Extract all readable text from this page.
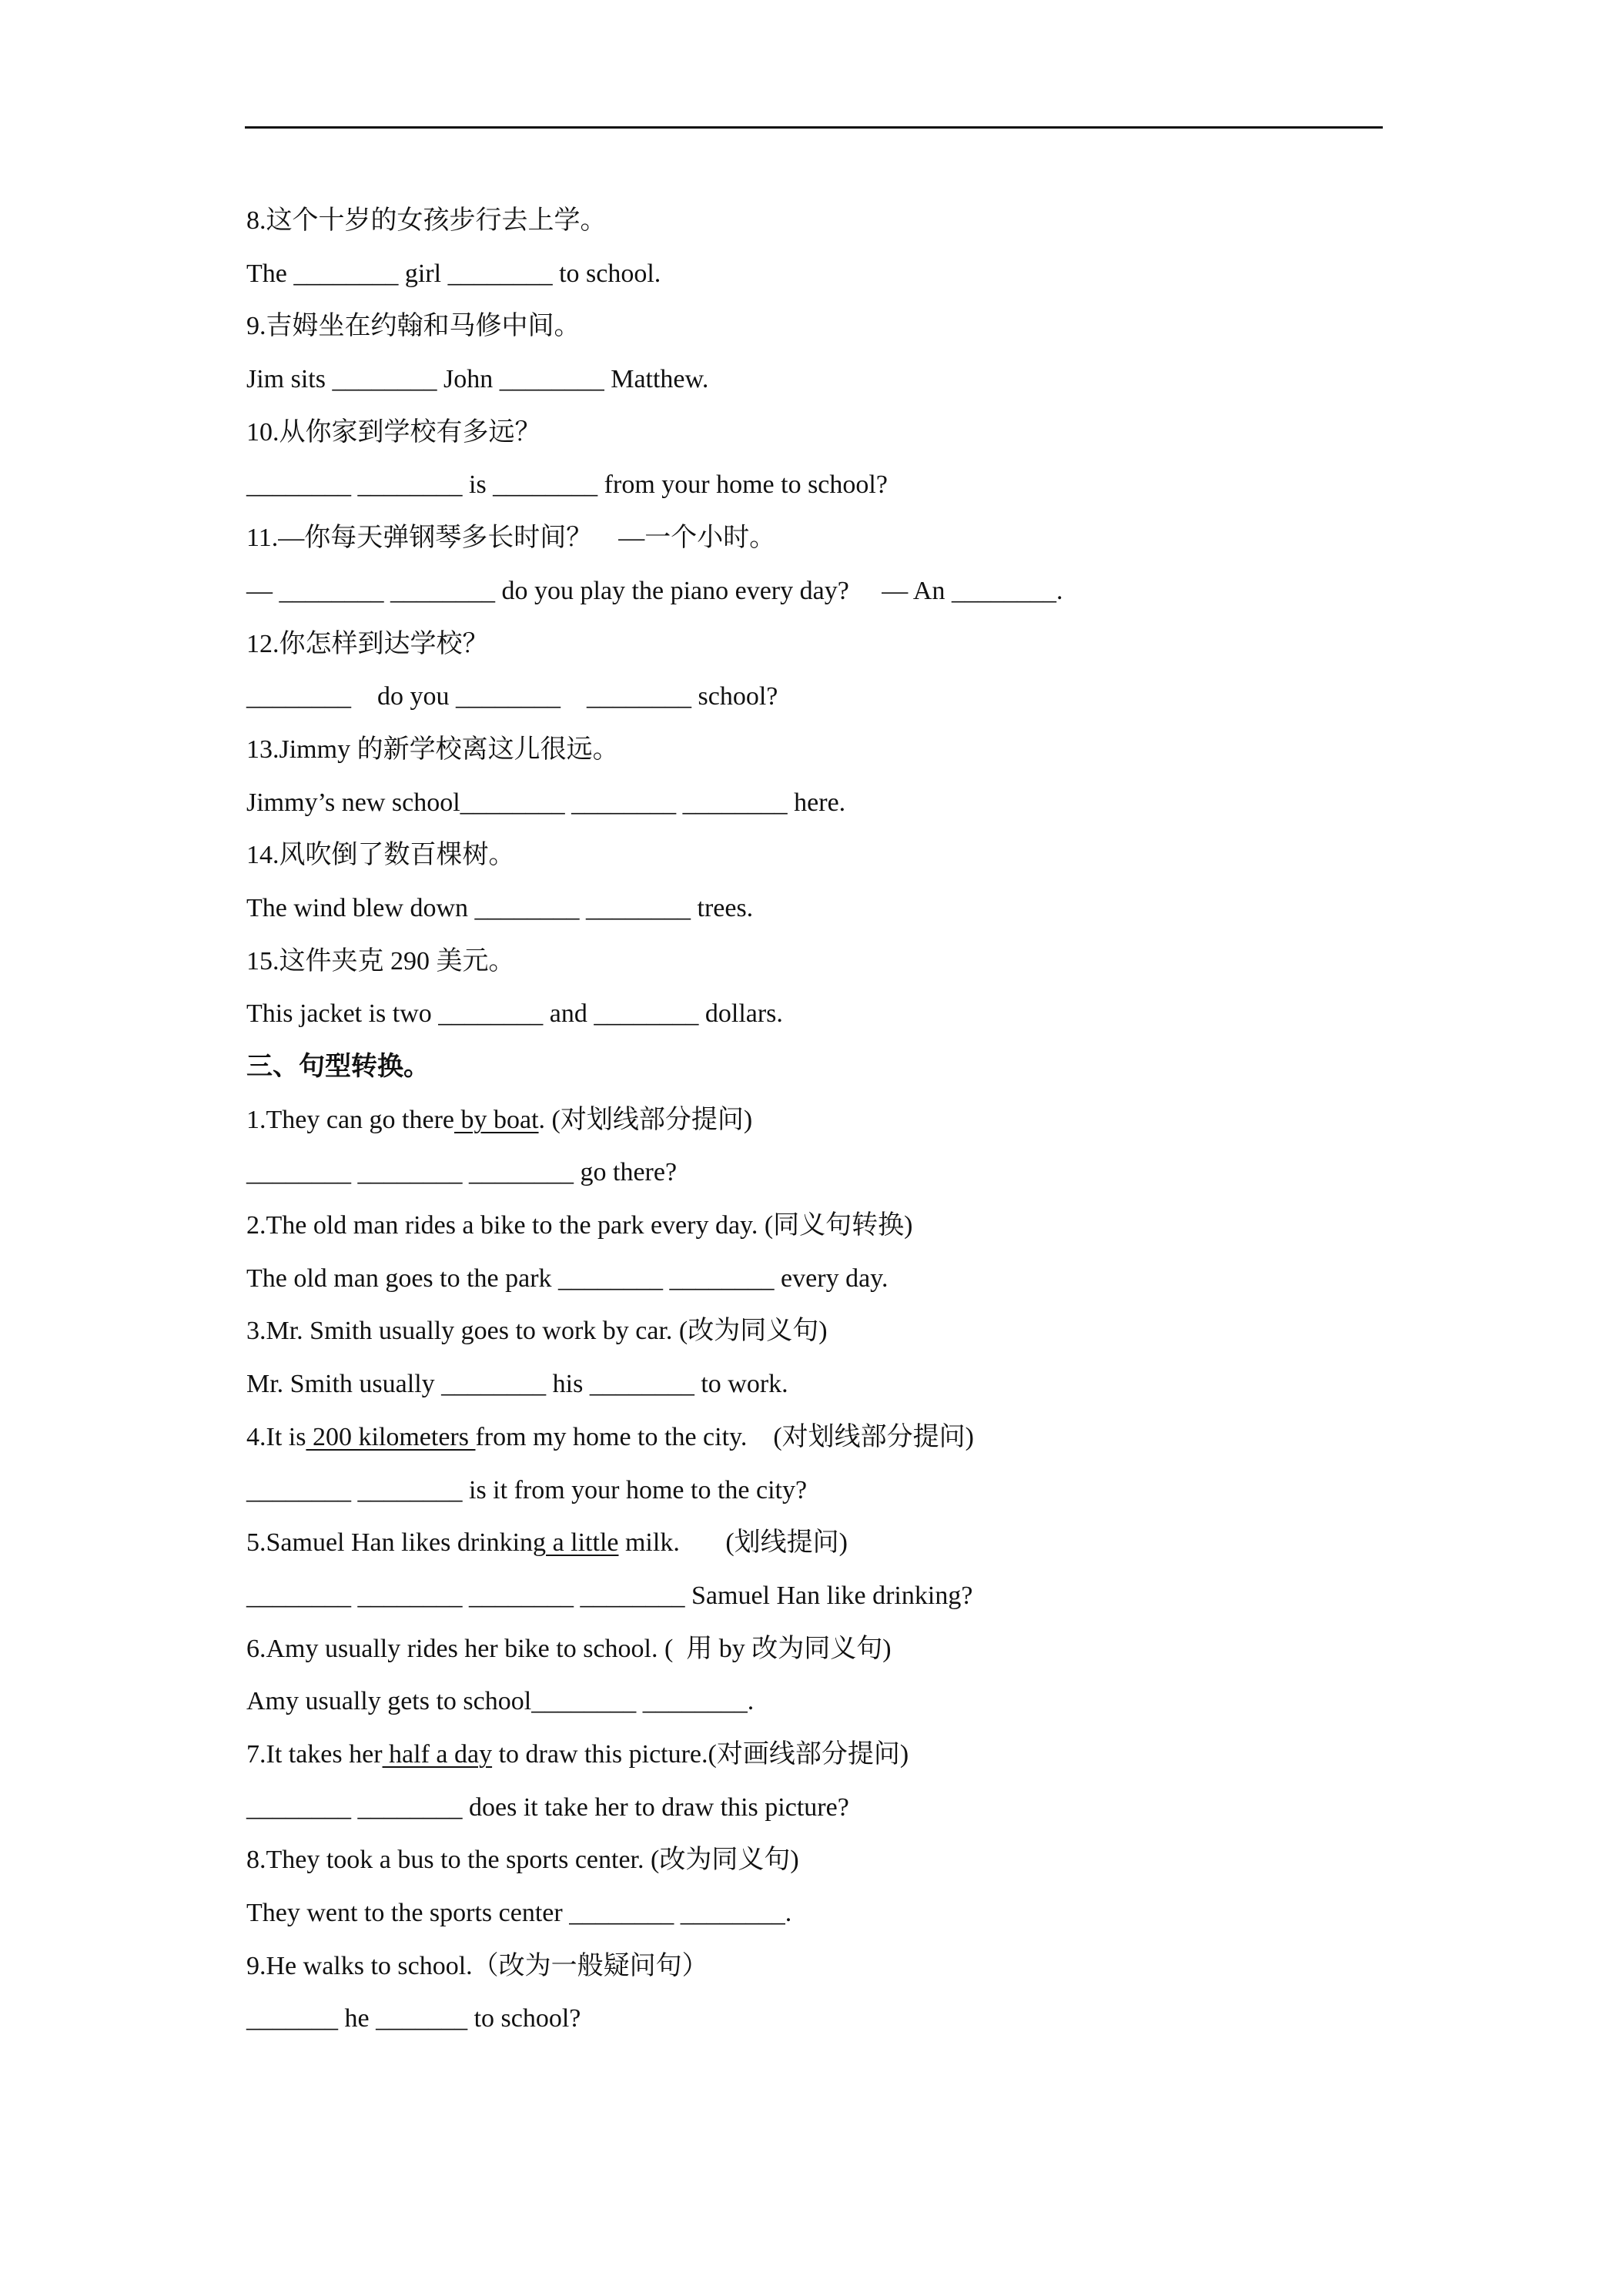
8.这个十岁的女孩步行去上学。
The ________ girl ________ to school.
9.吉姆坐在约翰和马修中间。
Jim sits ________ John ________ Matthew.
10.从你家到学校有多远？
________ ________ is ________ from your home to school?
11.—你每天弹钢琴多长时间？    —一个小时。
— ________ ________ do you play the piano every day?     — An ________.
12.你怎样到达学校？
________    do you ________    ________ school?
13.Jimmy 的新学校离这儿很远。
Jimmy’s new school________ ________ ________ here.
14.风吹倒了数百棵树。
The wind blew down ________ ________ trees.
15.这件夹克 290 美元。
This jacket is two ________ and ________ dollars.
三、句型转换。
1.They can go there by boat. (对划线部分提问)
________ ________ ________ go there?
2.The old man rides a bike to the park every day. (同义句转换)
The old man goes to the park ________ ________ every day.
3.Mr. Smith usually goes to work by car. (改为同义句)
Mr. Smith usually ________ his ________ to work.
4.It is 200 kilometers from my home to the city.    (对划线部分提问)
________ ________ is it from your home to the city?
5.Samuel Han likes drinking a little milk.       (划线提问)
________ ________ ________ ________ Samuel Han like drinking?
6.Amy usually rides her bike to school. (  用 by 改为同义句)
Amy usually gets to school________ ________.
7.It takes her half a day to draw this picture.(对画线部分提问)
________ ________ does it take her to draw this picture?
8.They took a bus to the sports center. (改为同义句)
They went to the sports center ________ ________.
9.He walks to school.（改为一般疑问句）
_______ he _______ to school?
